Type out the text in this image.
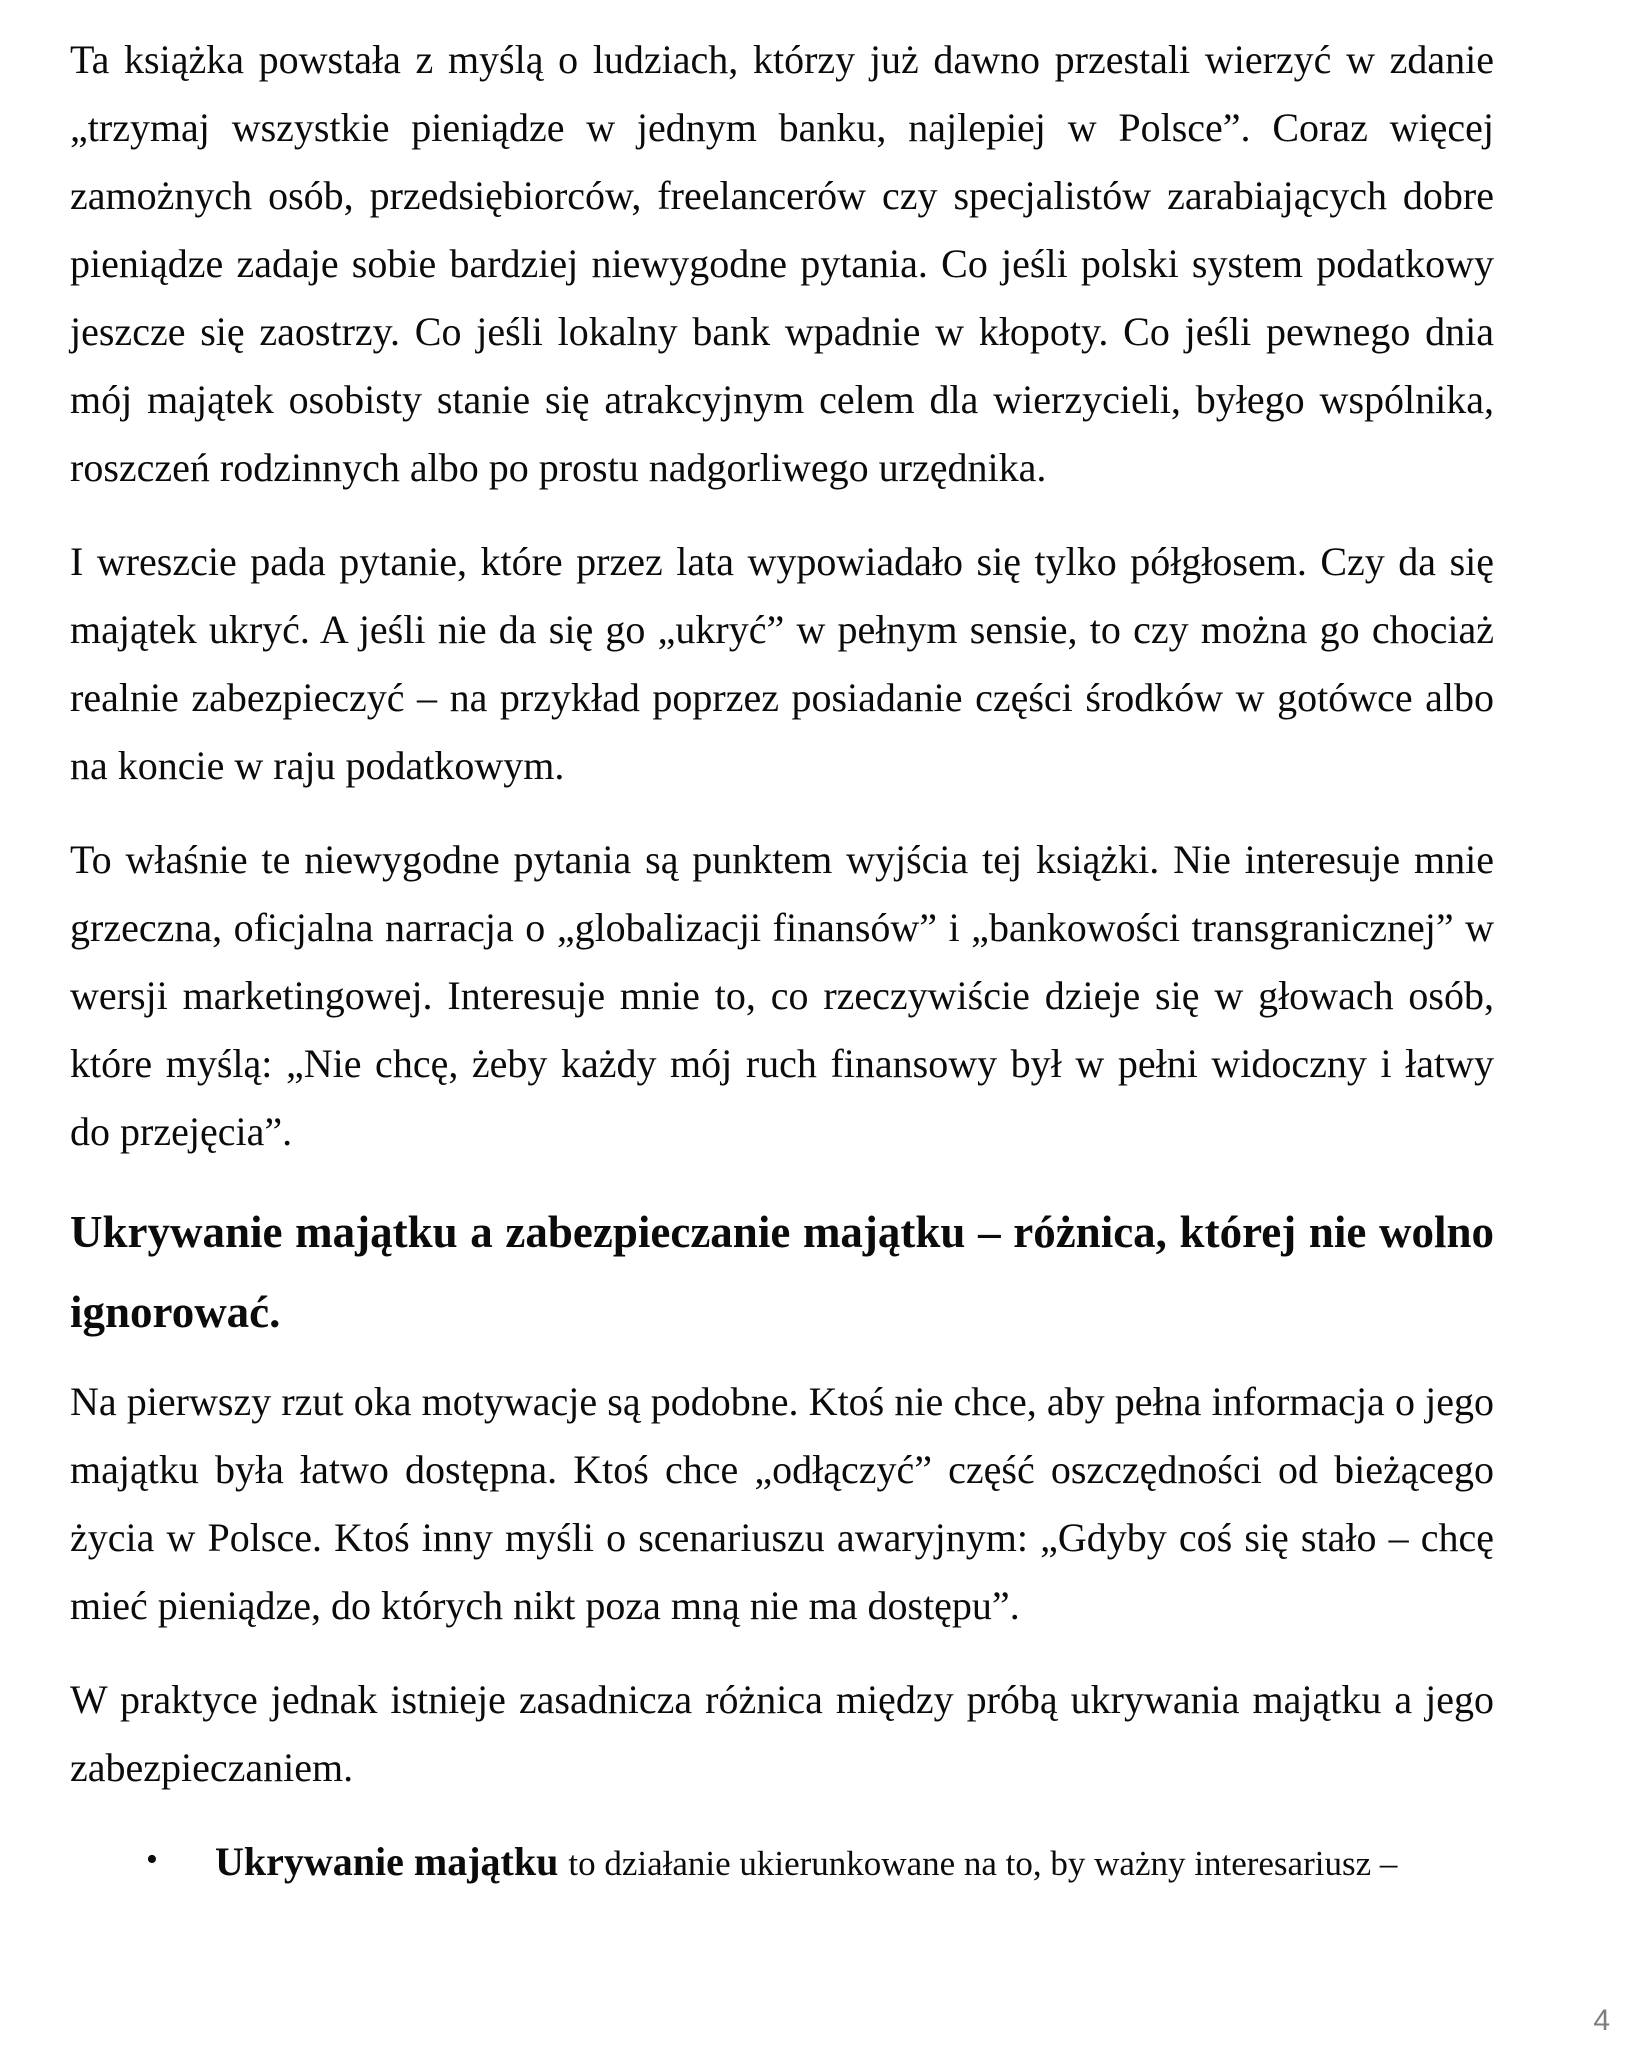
Ta książka powstała z myślą o ludziach, którzy już dawno przestali wierzyć w zdanie „trzymaj wszystkie pieniądze w jednym banku, najlepiej w Polsce”. Coraz więcej zamożnych osób, przedsiębiorców, freelancerów czy specjalistów zarabiających dobre pieniądze zadaje sobie bardziej niewygodne pytania. Co jeśli polski system podatkowy jeszcze się zaostrzy. Co jeśli lokalny bank wpadnie w kłopoty. Co jeśli pewnego dnia mój majątek osobisty stanie się atrakcyjnym celem dla wierzycieli, byłego wspólnika, roszczeń rodzinnych albo po prostu nadgorliwego urzędnika.

I wreszcie pada pytanie, które przez lata wypowiadało się tylko półgłosem. Czy da się majątek ukryć. A jeśli nie da się go „ukryć” w pełnym sensie, to czy można go chociaż realnie zabezpieczyć – na przykład poprzez posiadanie części środków w gotówce albo na koncie w raju podatkowym.

To właśnie te niewygodne pytania są punktem wyjścia tej książki. Nie interesuje mnie grzeczna, oficjalna narracja o „globalizacji finansów” i „bankowości transgranicznej” w wersji marketingowej. Interesuje mnie to, co rzeczywiście dzieje się w głowach osób, które myślą: „Nie chcę, żeby każdy mój ruch finansowy był w pełni widoczny i łatwy do przejęcia”.

Ukrywanie majątku a zabezpieczanie majątku – różnica, której nie wolno ignorować.

Na pierwszy rzut oka motywacje są podobne. Ktoś nie chce, aby pełna informacja o jego majątku była łatwo dostępna. Ktoś chce „odłączyć” część oszczędności od bieżącego życia w Polsce. Ktoś inny myśli o scenariuszu awaryjnym: „Gdyby coś się stało – chcę mieć pieniądze, do których nikt poza mną nie ma dostępu”.

W praktyce jednak istnieje zasadnicza różnica między próbą ukrywania majątku a jego zabezpieczaniem.

• Ukrywanie majątku to działanie ukierunkowane na to, by ważny interesariusz –
4
